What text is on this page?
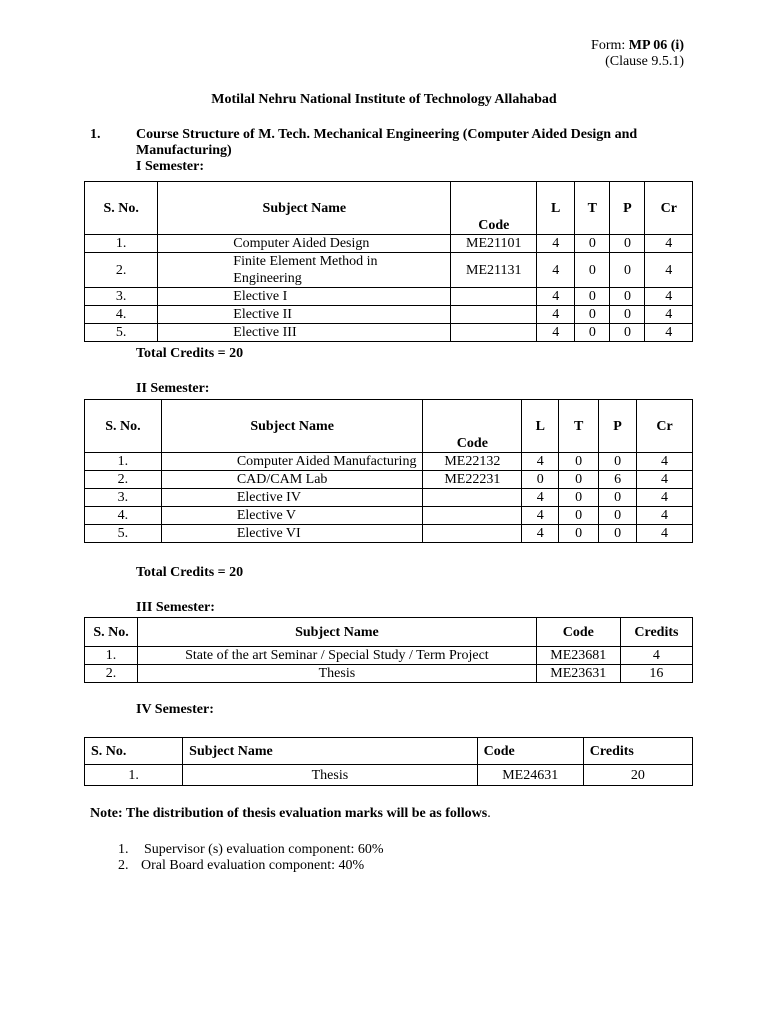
Form: MP 06 (i)
(Clause 9.5.1)
Motilal Nehru National Institute of Technology Allahabad
1.	Course Structure of M. Tech. Mechanical Engineering (Computer Aided Design and
Manufacturing)
I Semester:
S. No.	Subject Name	Code	L	T	P	Cr
1.	Computer Aided Design	ME21101	4	0	0	4
2.	Finite Element Method in Engineering	ME21131	4	0	0	4
3.	Elective I		4	0	0	4
4.	Elective II		4	0	0	4
5.	Elective III		4	0	0	4
Total Credits = 20
II Semester:
S. No.	Subject Name	Code	L	T	P	Cr
1.	Computer Aided Manufacturing	ME22132	4	0	0	4
2.	CAD/CAM Lab	ME22231	0	0	6	4
3.	Elective IV		4	0	0	4
4.	Elective V		4	0	0	4
5.	Elective VI		4	0	0	4
Total Credits = 20
III Semester:
S. No.	Subject Name	Code	Credits
1.	State of the art Seminar / Special Study / Term Project	ME23681	4
2.	Thesis	ME23631	16
IV Semester:
S. No.	Subject Name	Code	Credits
1.	Thesis	ME24631	20
Note: The distribution of thesis evaluation marks will be as follows.
1. Supervisor (s) evaluation component: 60%
2. Oral Board evaluation component: 40%
